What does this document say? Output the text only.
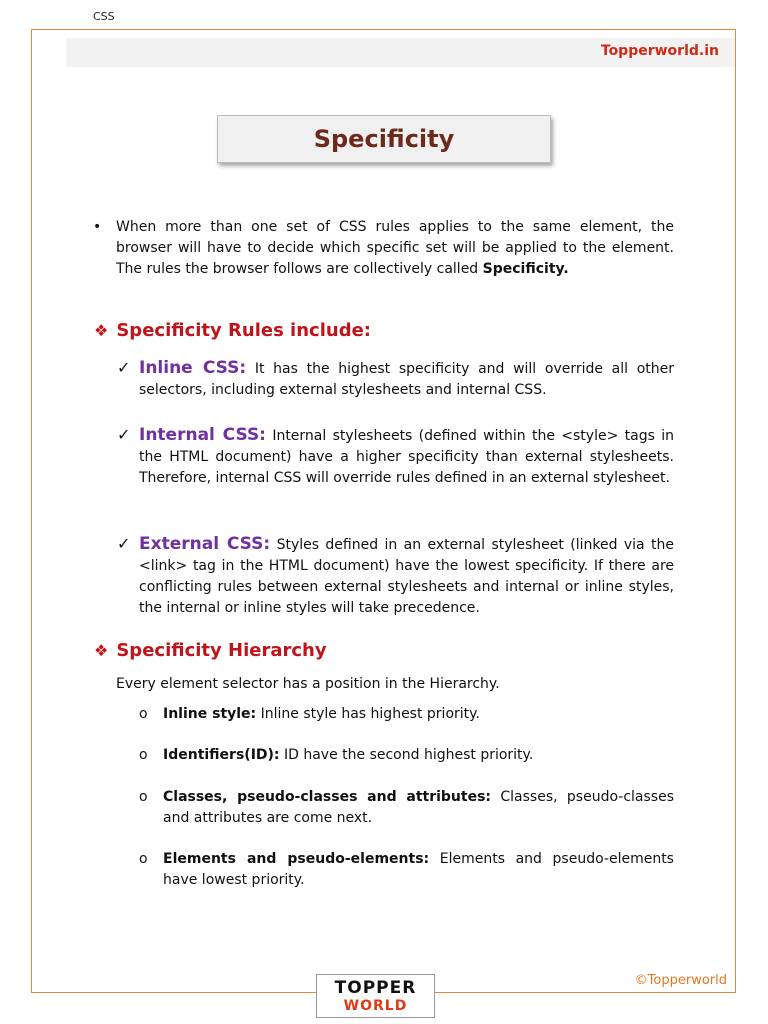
CSS
Topperworld.in
Specificity
• When more than one set of CSS rules applies to the same element, the browser will have to decide which specific set will be applied to the element. The rules the browser follows are collectively called Specificity.

❖ Specificity Rules include:
✓ Inline CSS: It has the highest specificity and will override all other selectors, including external stylesheets and internal CSS.

✓ Internal CSS: Internal stylesheets (defined within the <style> tags in the HTML document) have a higher specificity than external stylesheets. Therefore, internal CSS will override rules defined in an external stylesheet.

✓ External CSS: Styles defined in an external stylesheet (linked via the <link> tag in the HTML document) have the lowest specificity. If there are conflicting rules between external stylesheets and internal or inline styles, the internal or inline styles will take precedence.

❖ Specificity Hierarchy

Every element selector has a position in the Hierarchy.

o Inline style: Inline style has highest priority.

o Identifiers(ID): ID have the second highest priority.

o Classes, pseudo-classes and attributes: Classes, pseudo-classes and attributes are come next.

o Elements and pseudo-elements: Elements and pseudo-elements have lowest priority.

©Topperworld
TOPPER
WORLD
